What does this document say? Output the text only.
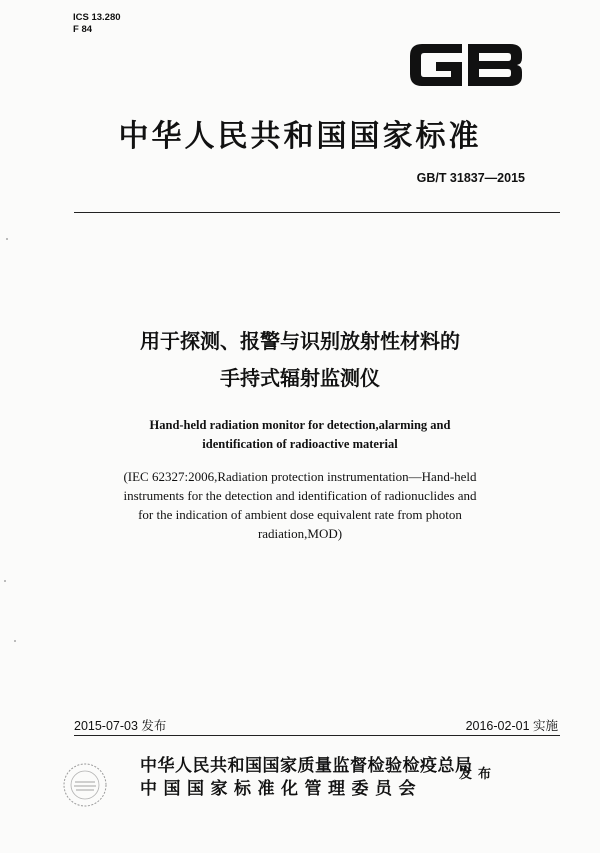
ICS 13.280
F 84
中华人民共和国国家标准
GB/T 31837—2015
用于探测、报警与识别放射性材料的
手持式辐射监测仪
Hand-held radiation monitor for detection,alarming and
identification of radioactive material
(IEC 62327:2006,Radiation protection instrumentation—Hand-held
instruments for the detection and identification of radionuclides and
for the indication of ambient dose equivalent rate from photon
radiation,MOD)
2015-07-03 发布	2016-02-01 实施
中华人民共和国国家质量监督检验检疫总局
中国国家标准化管理委员会
发布
